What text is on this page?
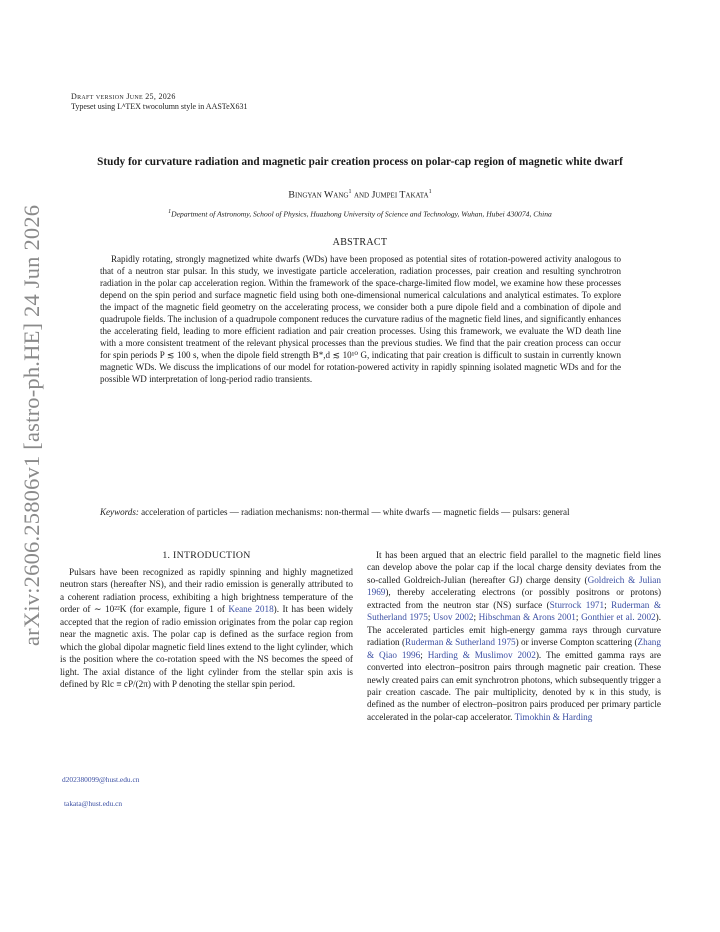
arXiv:2606.25806v1 [astro-ph.HE] 24 Jun 2026
Draft version June 25, 2026
Typeset using LᴬTEX twocolumn style in AASTeX631
Study for curvature radiation and magnetic pair creation process on polar-cap region of magnetic white dwarf
Bingyan Wang$^1$ and Jumpei Takata$^1$
$^1$Department of Astronomy, School of Physics, Huazhong University of Science and Technology, Wuhan, Hubei 430074, China
ABSTRACT
Rapidly rotating, strongly magnetized white dwarfs (WDs) have been proposed as potential sites of rotation-powered activity analogous to that of a neutron star pulsar. In this study, we investigate particle acceleration, radiation processes, pair creation and resulting synchrotron radiation in the polar cap acceleration region. Within the framework of the space-charge-limited flow model, we examine how these processes depend on the spin period and surface magnetic field using both one-dimensional numerical calculations and analytical estimates. To explore the impact of the magnetic field geometry on the accelerating process, we consider both a pure dipole field and a combination of dipole and quadrupole fields. The inclusion of a quadrupole component reduces the curvature radius of the magnetic field lines, and significantly enhances the accelerating field, leading to more efficient radiation and pair creation processes. Using this framework, we evaluate the WD death line with a more consistent treatment of the relevant physical processes than the previous studies. We find that the pair creation process can occur for spin periods P ≲ 100 s, when the dipole field strength B*,d ≲ 10¹⁰ G, indicating that pair creation is difficult to sustain in currently known magnetic WDs. We discuss the implications of our model for rotation-powered activity in rapidly spinning isolated magnetic WDs and for the possible WD interpretation of long-period radio transients.
Keywords: acceleration of particles — radiation mechanisms: non-thermal — white dwarfs — magnetic fields — pulsars: general
1. INTRODUCTION
Pulsars have been recognized as rapidly spinning and highly magnetized neutron stars (hereafter NS), and their radio emission is generally attributed to a coherent radiation process, exhibiting a high brightness temperature of the order of ∼ 10²²K (for example, figure 1 of Keane 2018). It has been widely accepted that the region of radio emission originates from the polar cap region near the magnetic axis. The polar cap is defined as the surface region from which the global dipolar magnetic field lines extend to the light cylinder, which is the position where the co-rotation speed with the NS becomes the speed of light. The axial distance of the light cylinder from the stellar spin axis is defined by Rlc ≡ cP/(2π) with P denoting the stellar spin period.
It has been argued that an electric field parallel to the magnetic field lines can develop above the polar cap if the local charge density deviates from the so-called Goldreich-Julian (hereafter GJ) charge density (Goldreich & Julian 1969), thereby accelerating electrons (or possibly positrons or protons) extracted from the neutron star (NS) surface (Sturrock 1971; Ruderman & Sutherland 1975; Usov 2002; Hibschman & Arons 2001; Gonthier et al. 2002). The accelerated particles emit high-energy gamma rays through curvature radiation (Ruderman & Sutherland 1975) or inverse Compton scattering (Zhang & Qiao 1996; Harding & Muslimov 2002). The emitted gamma rays are converted into electron–positron pairs through magnetic pair creation. These newly created pairs can emit synchrotron photons, which subsequently trigger a pair creation cascade. The pair multiplicity, denoted by κ in this study, is defined as the number of electron–positron pairs produced per primary particle accelerated in the polar-cap accelerator. Timokhin & Harding
d202380099@hust.edu.cn
takata@hust.edu.cn
